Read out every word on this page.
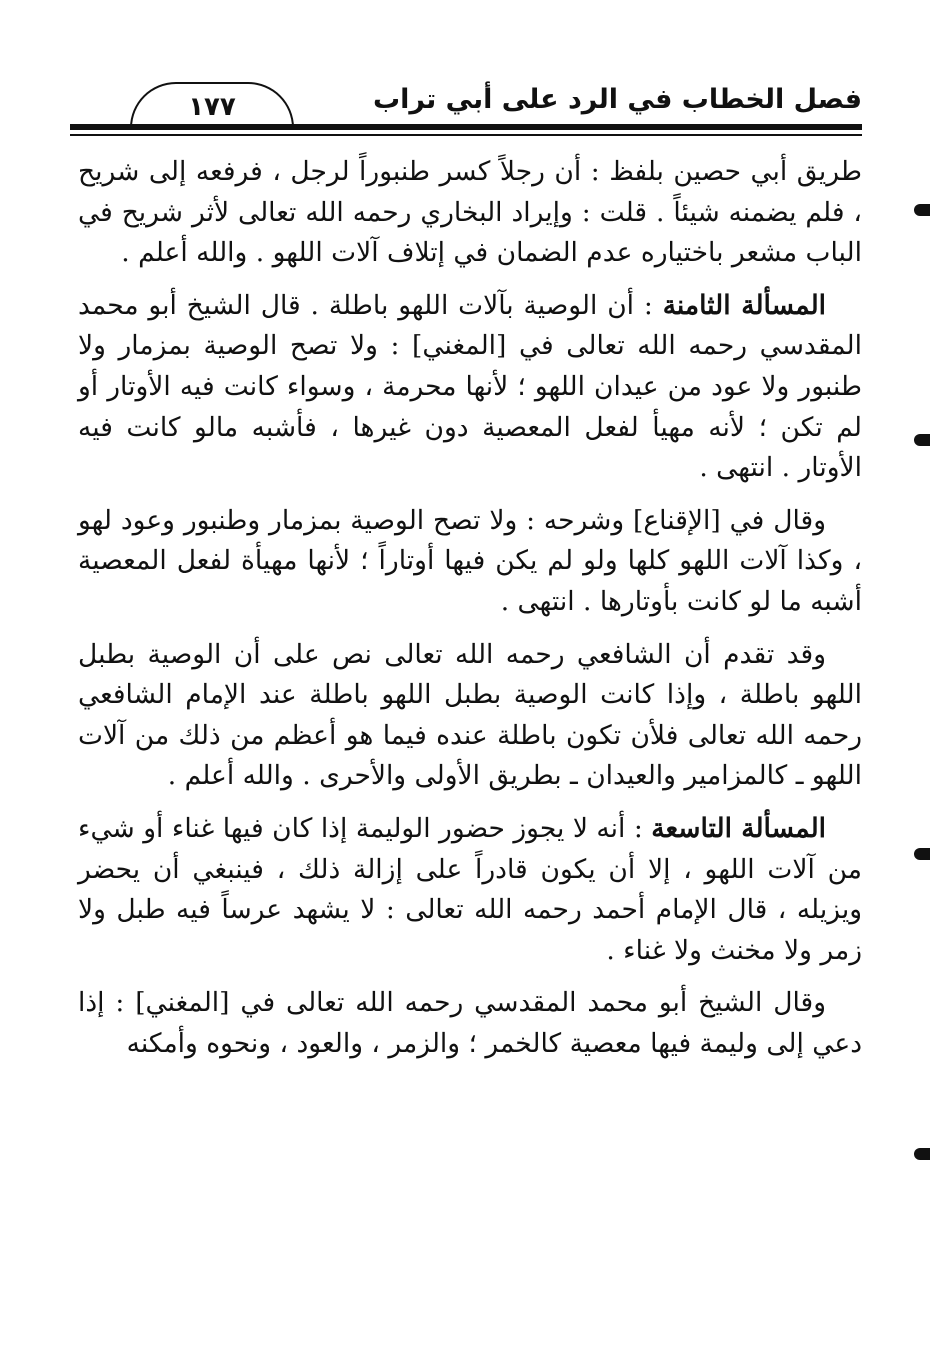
فصل الخطاب في الرد على أبي تراب
١٧٧

طريق أبي حصين بلفظ : أن رجلاً كسر طنبوراً لرجل ، فرفعه إلى شريح ، فلم يضمنه شيئاً . قلت : وإيراد البخاري رحمه الله تعالى لأثر شريح في الباب مشعر باختياره عدم الضمان في إتلاف آلات اللهو . والله أعلم .

المسألة الثامنة : أن الوصية بآلات اللهو باطلة . قال الشيخ أبو محمد المقدسي رحمه الله تعالى في [المغني] : ولا تصح الوصية بمزمار ولا طنبور ولا عود من عيدان اللهو ؛ لأنها محرمة ، وسواء كانت فيه الأوتار أو لم تكن ؛ لأنه مهيأ لفعل المعصية دون غيرها ، فأشبه مالو كانت فيه الأوتار . انتهى .

وقال في [الإقناع] وشرحه : ولا تصح الوصية بمزمار وطنبور وعود لهو ، وكذا آلات اللهو كلها ولو لم يكن فيها أوتاراً ؛ لأنها مهيأة لفعل المعصية أشبه ما لو كانت بأوتارها . انتهى .

وقد تقدم أن الشافعي رحمه الله تعالى نص على أن الوصية بطبل اللهو باطلة ، وإذا كانت الوصية بطبل اللهو باطلة عند الإمام الشافعي رحمه الله تعالى فلأن تكون باطلة عنده فيما هو أعظم من ذلك من آلات اللهو ـ كالمزامير والعيدان ـ بطريق الأولى والأحرى . والله أعلم .

المسألة التاسعة : أنه لا يجوز حضور الوليمة إذا كان فيها غناء أو شيء من آلات اللهو ، إلا أن يكون قادراً على إزالة ذلك ، فينبغي أن يحضر ويزيله ، قال الإمام أحمد رحمه الله تعالى : لا يشهد عرساً فيه طبل ولا زمر ولا مخنث ولا غناء .

وقال الشيخ أبو محمد المقدسي رحمه الله تعالى في [المغني] : إذا دعي إلى وليمة فيها معصية كالخمر ؛ والزمر ، والعود ، ونحوه وأمكنه
